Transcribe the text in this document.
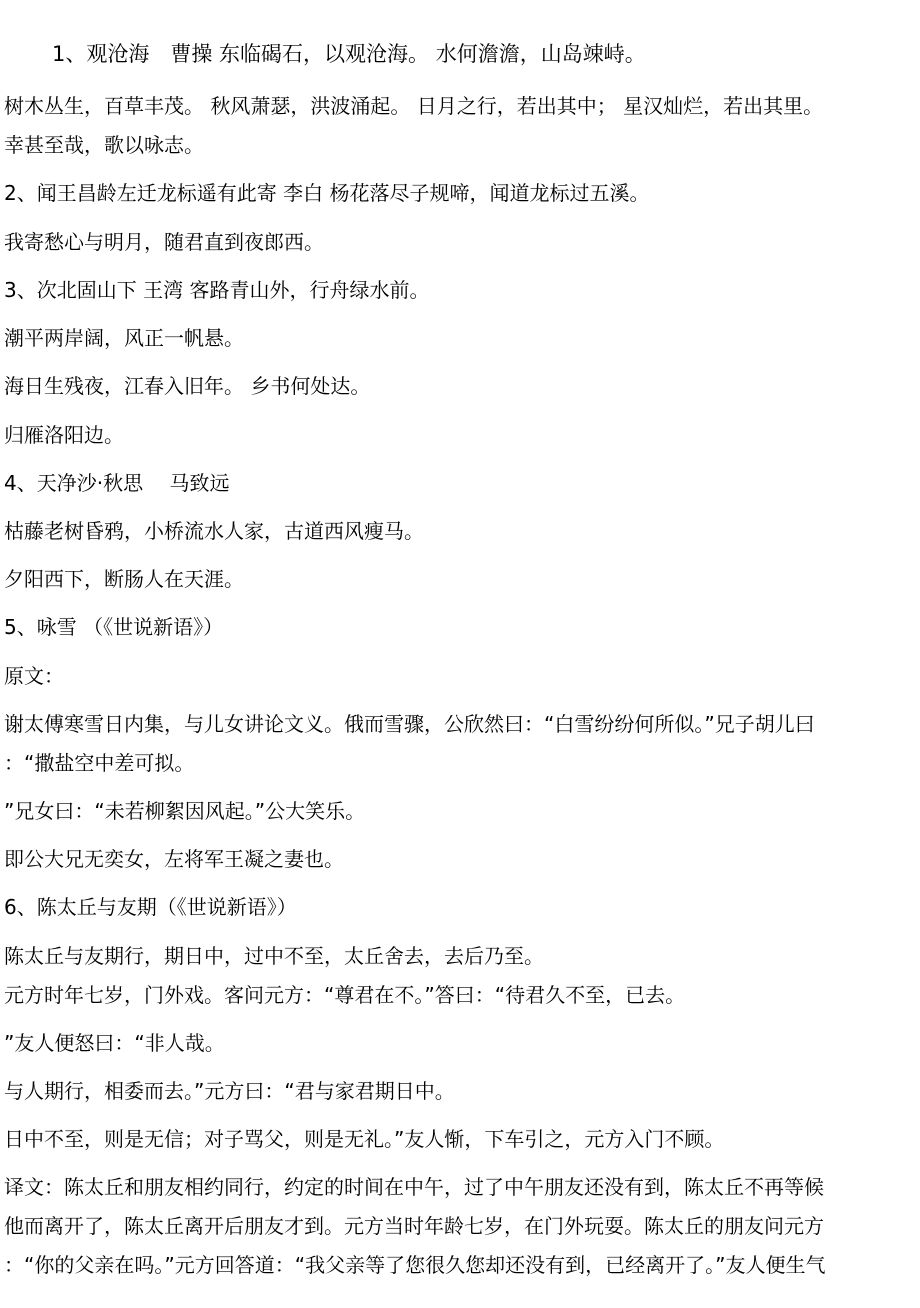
1、观沧海　曹操 东临碣石，以观沧海。 水何澹澹，山岛竦峙。
树木丛生，百草丰茂。 秋风萧瑟，洪波涌起。 日月之行，若出其中； 星汉灿烂，若出其里。
幸甚至哉，歌以咏志。
2、闻王昌龄左迁龙标遥有此寄 李白 杨花落尽子规啼，闻道龙标过五溪。
我寄愁心与明月，随君直到夜郎西。
3、次北固山下 王湾 客路青山外，行舟绿水前。
潮平两岸阔，风正一帆悬。
海日生残夜，江春入旧年。 乡书何处达。
归雁洛阳边。
4、天净沙·秋思　 马致远
枯藤老树昏鸦，小桥流水人家，古道西风瘦马。
夕阳西下，断肠人在天涯。
5、咏雪 （《世说新语》）
原文：
谢太傅寒雪日内集，与儿女讲论文义。俄而雪骤，公欣然曰：“白雪纷纷何所似。”兄子胡儿曰
：“撒盐空中差可拟。
”兄女曰：“未若柳絮因风起。”公大笑乐。
即公大兄无奕女，左将军王凝之妻也。
6、陈太丘与友期（《世说新语》）
陈太丘与友期行，期日中，过中不至，太丘舍去，去后乃至。
元方时年七岁，门外戏。客问元方：“尊君在不。”答曰：“待君久不至，已去。
”友人便怒曰：“非人哉。
与人期行，相委而去。”元方曰：“君与家君期日中。
日中不至，则是无信；对子骂父，则是无礼。”友人惭，下车引之，元方入门不顾。
译文：陈太丘和朋友相约同行，约定的时间在中午，过了中午朋友还没有到，陈太丘不再等候
他而离开了，陈太丘离开后朋友才到。元方当时年龄七岁，在门外玩耍。陈太丘的朋友问元方
：“你的父亲在吗。”元方回答道：“我父亲等了您很久您却还没有到，已经离开了。”友人便生气
